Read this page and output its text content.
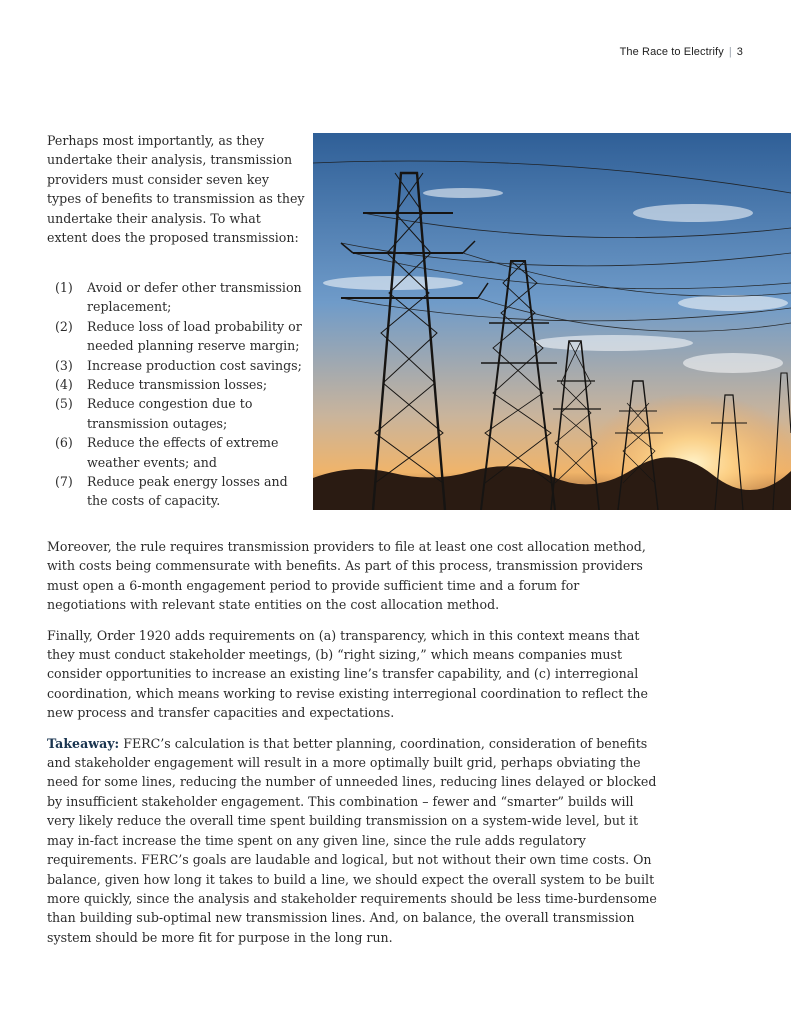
The Race to Electrify | 3

Perhaps most importantly, as they undertake their analysis, transmission providers must consider seven key types of benefits to transmission as they undertake their analysis. To what extent does the proposed transmission:

(1) Avoid or defer other transmission replacement;
(2) Reduce loss of load probability or needed planning reserve margin;
(3) Increase production cost savings;
(4) Reduce transmission losses;
(5) Reduce congestion due to transmission outages;
(6) Reduce the effects of extreme weather events; and
(7) Reduce peak energy losses and the costs of capacity.

Moreover, the rule requires transmission providers to file at least one cost allocation method, with costs being commensurate with benefits. As part of this process, transmission providers must open a 6-month engagement period to provide sufficient time and a forum for negotiations with relevant state entities on the cost allocation method.

Finally, Order 1920 adds requirements on (a) transparency, which in this context means that they must conduct stakeholder meetings, (b) “right sizing,” which means companies must consider opportunities to increase an existing line’s transfer capability, and (c) interregional coordination, which means working to revise existing interregional coordination to reflect the new process and transfer capacities and expectations.

Takeaway: FERC’s calculation is that better planning, coordination, consideration of benefits and stakeholder engagement will result in a more optimally built grid, perhaps obviating the need for some lines, reducing the number of unneeded lines, reducing lines delayed or blocked by insufficient stakeholder engagement. This combination – fewer and “smarter” builds will very likely reduce the overall time spent building transmission on a system-wide level, but it may in-fact increase the time spent on any given line, since the rule adds regulatory requirements. FERC’s goals are laudable and logical, but not without their own time costs. On balance, given how long it takes to build a line, we should expect the overall system to be built more quickly, since the analysis and stakeholder requirements should be less time-burdensome than building sub-optimal new transmission lines. And, on balance, the overall transmission system should be more fit for purpose in the long run.
